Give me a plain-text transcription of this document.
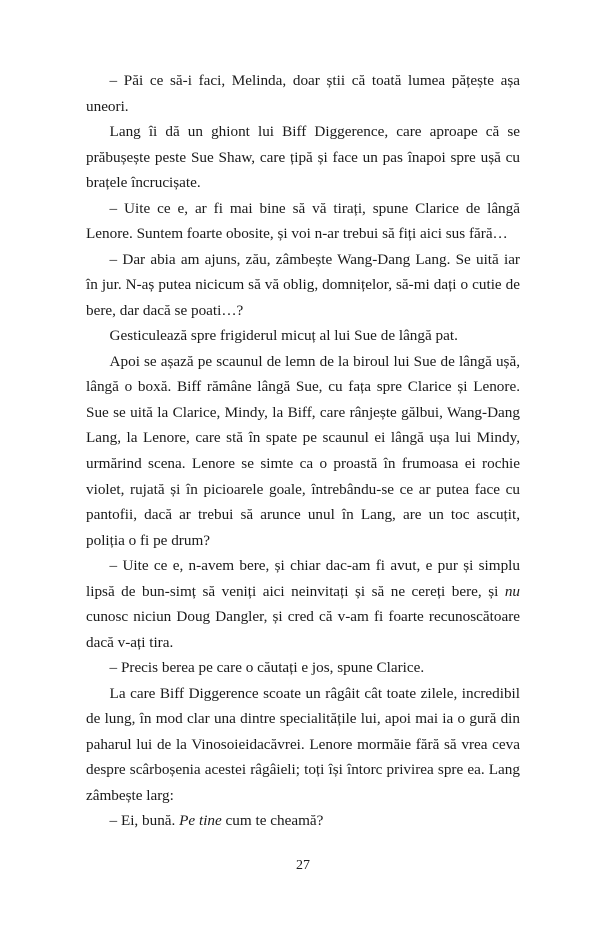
– Păi ce să-i faci, Melinda, doar știi că toată lumea pățește așa uneori.

Lang îi dă un ghiont lui Biff Diggerence, care aproape că se prăbușește peste Sue Shaw, care țipă și face un pas înapoi spre ușă cu brațele încrucișate.

– Uite ce e, ar fi mai bine să vă tirați, spune Clarice de lângă Lenore. Suntem foarte obosite, și voi n-ar trebui să fiți aici sus fără…

– Dar abia am ajuns, zău, zâmbește Wang-Dang Lang. Se uită iar în jur. N-aș putea nicicum să vă oblig, domnițelor, să-mi dați o cutie de bere, dar dacă se poati…?

Gesticulează spre frigiderul micuț al lui Sue de lângă pat.

Apoi se așază pe scaunul de lemn de la biroul lui Sue de lângă ușă, lângă o boxă. Biff rămâne lângă Sue, cu fața spre Clarice și Lenore. Sue se uită la Clarice, Mindy, la Biff, care rânjește gălbui, Wang-Dang Lang, la Lenore, care stă în spate pe scaunul ei lângă ușa lui Mindy, urmărind scena. Lenore se simte ca o proastă în frumoasa ei rochie violet, rujată și în picioarele goale, întrebându-se ce ar putea face cu pantofii, dacă ar trebui să arunce unul în Lang, are un toc ascuțit, poliția o fi pe drum?

– Uite ce e, n-avem bere, și chiar dac-am fi avut, e pur și simplu lipsă de bun-simț să veniți aici neinvitați și să ne cereți bere, și nu cunosc niciun Doug Dangler, și cred că v-am fi foarte recunoscătoare dacă v-ați tira.

– Precis berea pe care o căutați e jos, spune Clarice.

La care Biff Diggerence scoate un râgâit cât toate zilele, incredibil de lung, în mod clar una dintre specialitățile lui, apoi mai ia o gură din paharul lui de la Vinosoieidacăvrei. Lenore mormăie fără să vrea ceva despre scârboșenia acestei râgâieli; toți își întorc privirea spre ea. Lang zâmbește larg:

– Ei, bună. Pe tine cum te cheamă?

27
